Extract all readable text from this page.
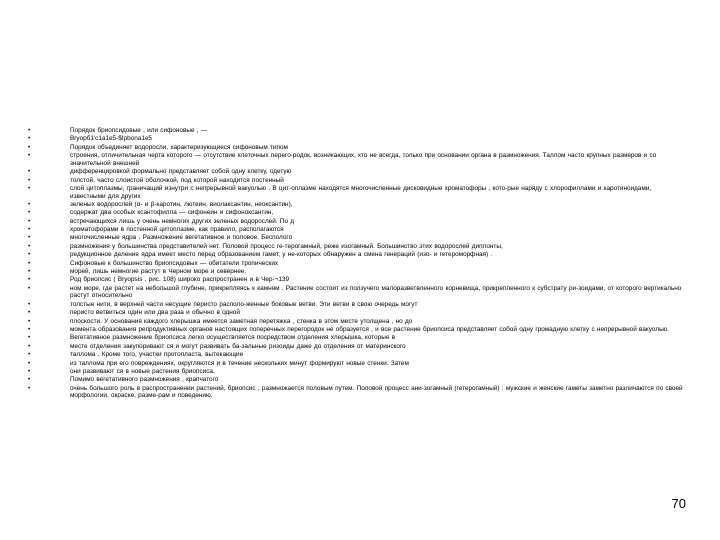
• Порядок бриопсидовые , или сифоновые , —
• Bryopб1'с1a1е5-$Ipbona1e5
• Порядок объединяет водоросли, характеризующиеся сифоновым типом
• строения, отличительная черта которого — отсутствие клеточных перего-родок, возникающих, кто не всегда, только при основании органа в размножения. Таллом часто крупных размеров и со значительной внешней
• дифференцировкой формально представляет собой одну клетку, одетую
• толстой, часто слоистой оболочкой, под которой находится постенный
• слой цитоплазмы, граничащий изнутри с непрерывной вакуолью . В цит-оплазме находятся многочисленные дисковидные хроматофоры , кото-рые наряду с хлорофиллами и каротиноидами, известными для других
• зеленых водорослей (α- и β-каротин, лютеин, виолаксантин, неоксантин),
• содержат два особых ксантофилла — сифонеин и сифоноксантин,
• встречающихся лишь у очень немногих других зеленых водорослей. По д
• хроматофорами в постенной цитоплазме, как правило, располагаются
• многочисленные ядра . Размножение вегетативное и половое. Бесполого
• размножения у большинства представителей нет. Половой процесс ге-терогамный, реже изогамный. Большинство этих водорослей диплонты,
• редукционное деление ядра имеет место перед образованием гамет, у не-которых обнаружен а смена генераций (изо- и гетероморфная) .
• Сифоновые к большинство бриопсидовых — обитатели тропических
• морей, лишь немногие растут в Черном море и севернее.
• Род бриопсис ( Bryopsis , рис. 108) широко распространен и в Чер-¬139
• ном море, где растет на небольшой глубине, прикрепляясь к камням . Растение состоит из ползучего малоразветвленного корневища, прикрепленного к субстрату ри-зоидами, от которого вертикально растут относительно
• толстые нити, в верхней части несущие перисто располо-женные боковые ветви. Эти ветви в свою очередь могут
• перисто ветвиться один или два раза и обычно в одной
• плоскости. У основания каждого хлерышка имеется заметная перетяжка , стенка в этом месте утолщена , но до
• момента образования репродуктивных органов настоящих поперечных перегородок не образуется , и все растение бриопсиса представляет собой одну громадную клетку с непрерывной вакуолью.
• Вегетативное размножение бриопсиса легко осуществляется посредством отделения хлерышка, которые в
• месте отделения закупоривают ся и могут развивать ба-зальные ризоиды даже до отделения от материнского
• таллома . Кроме того, участки протопласта, вытекающие
• из таллома при его повреждениях, округляются и в течение нескольких минут формируют новые стенки. Затем
• они развивают ся в новые растения бриопсиса.
• Помимо вегетативного размножения , крапчатого
• очень большого роль в распространении растений, бриопсис , размножается половым путем. Половой процесс ани-зогамный (гетерогамный) : мужские и женские гаметы заметно различаются по своей морфологии, окраске, разме-рам и поведению.
70
